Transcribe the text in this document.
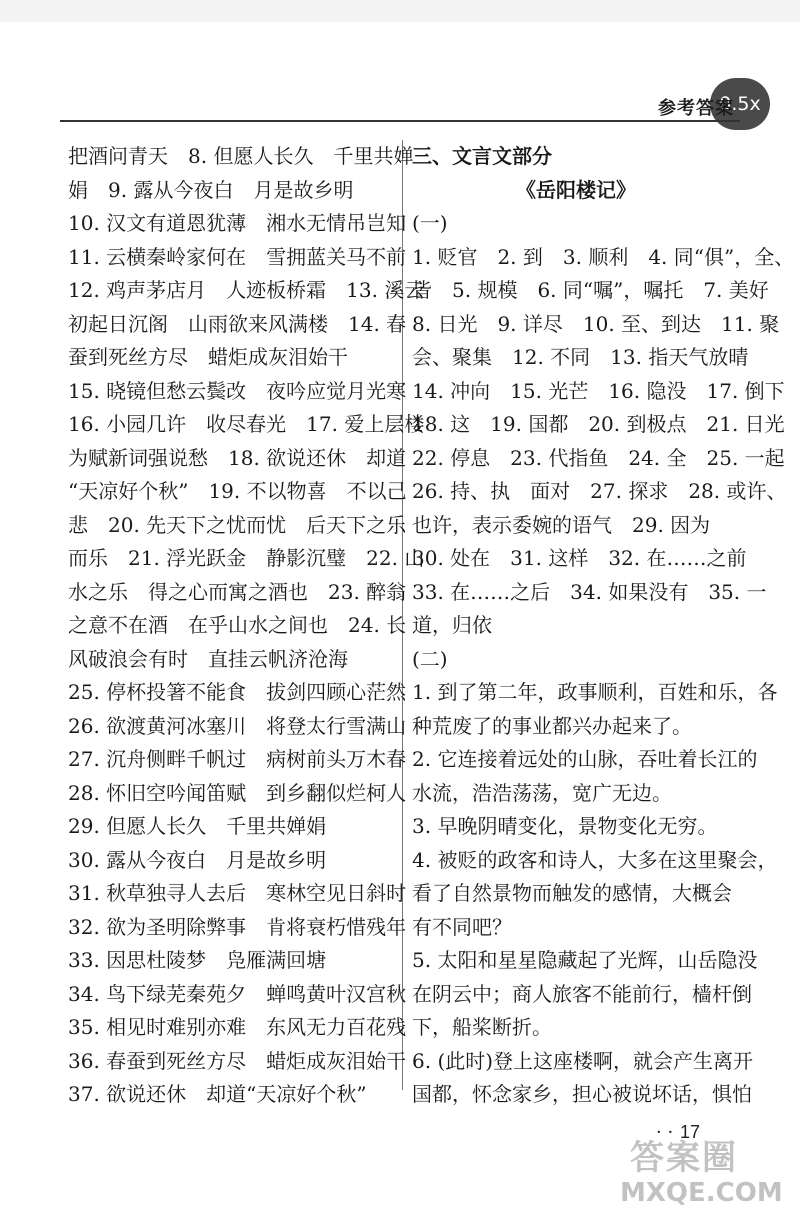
0.5x
参考答案
把酒问青天　8. 但愿人长久　千里共婵
娟　9. 露从今夜白　月是故乡明
10. 汉文有道恩犹薄　湘水无情吊岂知
11. 云横秦岭家何在　雪拥蓝关马不前
12. 鸡声茅店月　人迹板桥霜　13. 溪云
初起日沉阁　山雨欲来风满楼　14. 春
蚕到死丝方尽　蜡炬成灰泪始干
15. 晓镜但愁云鬓改　夜吟应觉月光寒
16. 小园几许　收尽春光　17. 爱上层楼
为赋新词强说愁　18. 欲说还休　却道
“天凉好个秋”　19. 不以物喜　不以己
悲　20. 先天下之忧而忧　后天下之乐
而乐　21. 浮光跃金　静影沉璧　22. 山
水之乐　得之心而寓之酒也　23. 醉翁
之意不在酒　在乎山水之间也　24. 长
风破浪会有时　直挂云帆济沧海
25. 停杯投箸不能食　拔剑四顾心茫然
26. 欲渡黄河冰塞川　将登太行雪满山
27. 沉舟侧畔千帆过　病树前头万木春
28. 怀旧空吟闻笛赋　到乡翻似烂柯人
29. 但愿人长久　千里共婵娟
30. 露从今夜白　月是故乡明
31. 秋草独寻人去后　寒林空见日斜时
32. 欲为圣明除弊事　肯将衰朽惜残年
33. 因思杜陵梦　凫雁满回塘
34. 鸟下绿芜秦苑夕　蝉鸣黄叶汉宫秋
35. 相见时难别亦难　东风无力百花残
36. 春蚕到死丝方尽　蜡炬成灰泪始干
37. 欲说还休　却道“天凉好个秋”
三、文言文部分
《岳阳楼记》
(一)
1. 贬官　2. 到　3. 顺利　4. 同“俱”，全、
皆　5. 规模　6. 同“嘱”，嘱托　7. 美好
8. 日光　9. 详尽　10. 至、到达　11. 聚
会、聚集　12. 不同　13. 指天气放晴
14. 冲向　15. 光芒　16. 隐没　17. 倒下
18. 这　19. 国都　20. 到极点　21. 日光
22. 停息　23. 代指鱼　24. 全　25. 一起
26. 持、执　面对　27. 探求　28. 或许、
也许，表示委婉的语气　29. 因为
30. 处在　31. 这样　32. 在……之前
33. 在……之后　34. 如果没有　35. 一
道，归依
(二)
1. 到了第二年，政事顺利，百姓和乐，各
种荒废了的事业都兴办起来了。
2. 它连接着远处的山脉，吞吐着长江的
水流，浩浩荡荡，宽广无边。
3. 早晚阴晴变化，景物变化无穷。
4. 被贬的政客和诗人，大多在这里聚会，
看了自然景物而触发的感情，大概会
有不同吧？
5. 太阳和星星隐藏起了光辉，山岳隐没
在阴云中；商人旅客不能前行，樯杆倒
下，船桨断折。
6. (此时)登上这座楼啊，就会产生离开
国都，怀念家乡，担心被说坏话，惧怕
· · 17
答案圈
MXQE.COM
